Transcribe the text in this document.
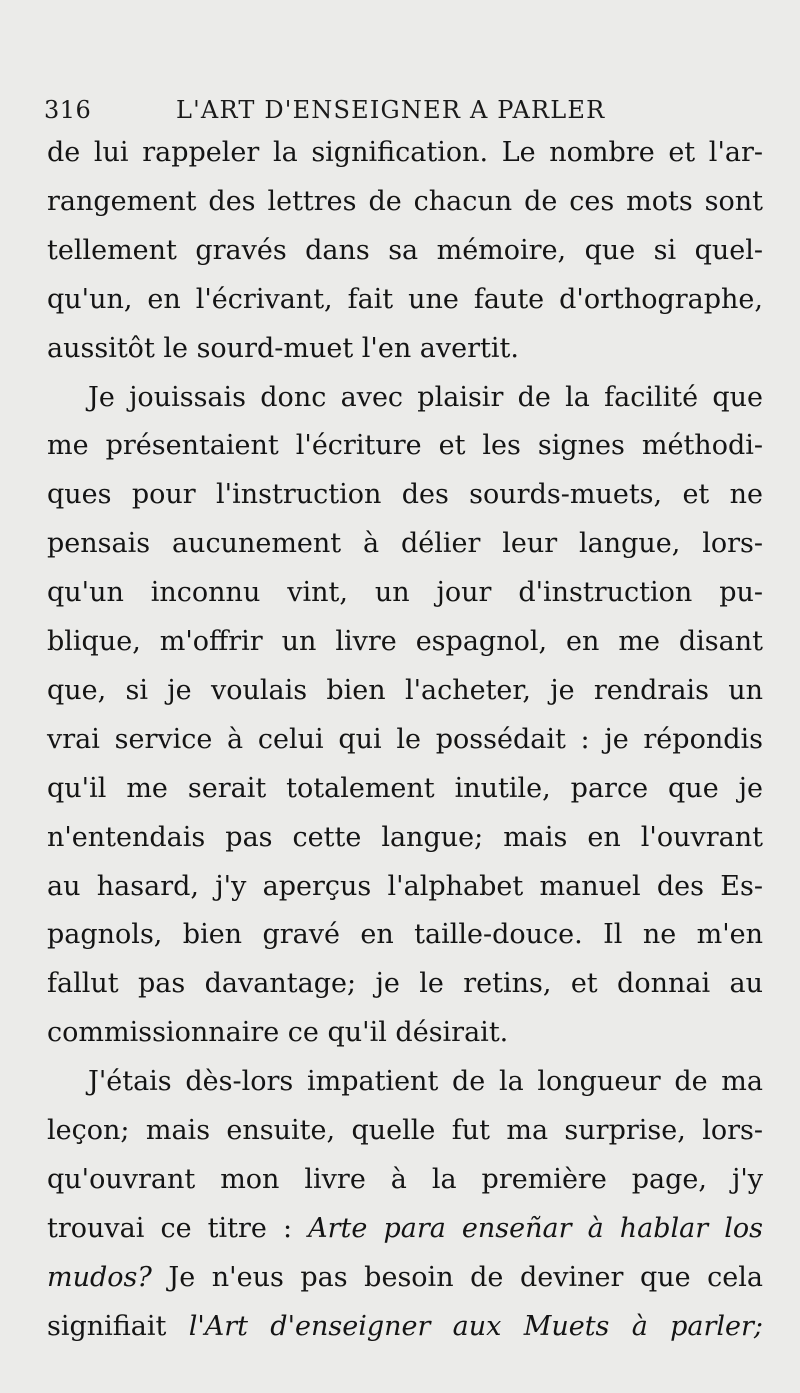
316	L'ART D'ENSEIGNER A PARLER
de lui rappeler la signification. Le nombre et l'ar-
rangement des lettres de chacun de ces mots sont
tellement gravés dans sa mémoire, que si quel-
qu'un, en l'écrivant, fait une faute d'orthographe,
aussitôt le sourd-muet l'en avertit.
Je jouissais donc avec plaisir de la facilité que
me présentaient l'écriture et les signes méthodi-
ques pour l'instruction des sourds-muets, et ne
pensais aucunement à délier leur langue, lors-
qu'un inconnu vint, un jour d'instruction pu-
blique, m'offrir un livre espagnol, en me disant
que, si je voulais bien l'acheter, je rendrais un
vrai service à celui qui le possédait : je répondis
qu'il me serait totalement inutile, parce que je
n'entendais pas cette langue; mais en l'ouvrant
au hasard, j'y aperçus l'alphabet manuel des Es-
pagnols, bien gravé en taille-douce. Il ne m'en
fallut pas davantage; je le retins, et donnai au
commissionnaire ce qu'il désirait.
J'étais dès-lors impatient de la longueur de ma
leçon; mais ensuite, quelle fut ma surprise, lors-
qu'ouvrant mon livre à la première page, j'y
trouvai ce titre : Arte para enseñar à hablar los
mudos? Je n'eus pas besoin de deviner que cela
signifiait l'Art d'enseigner aux Muets à parler;
